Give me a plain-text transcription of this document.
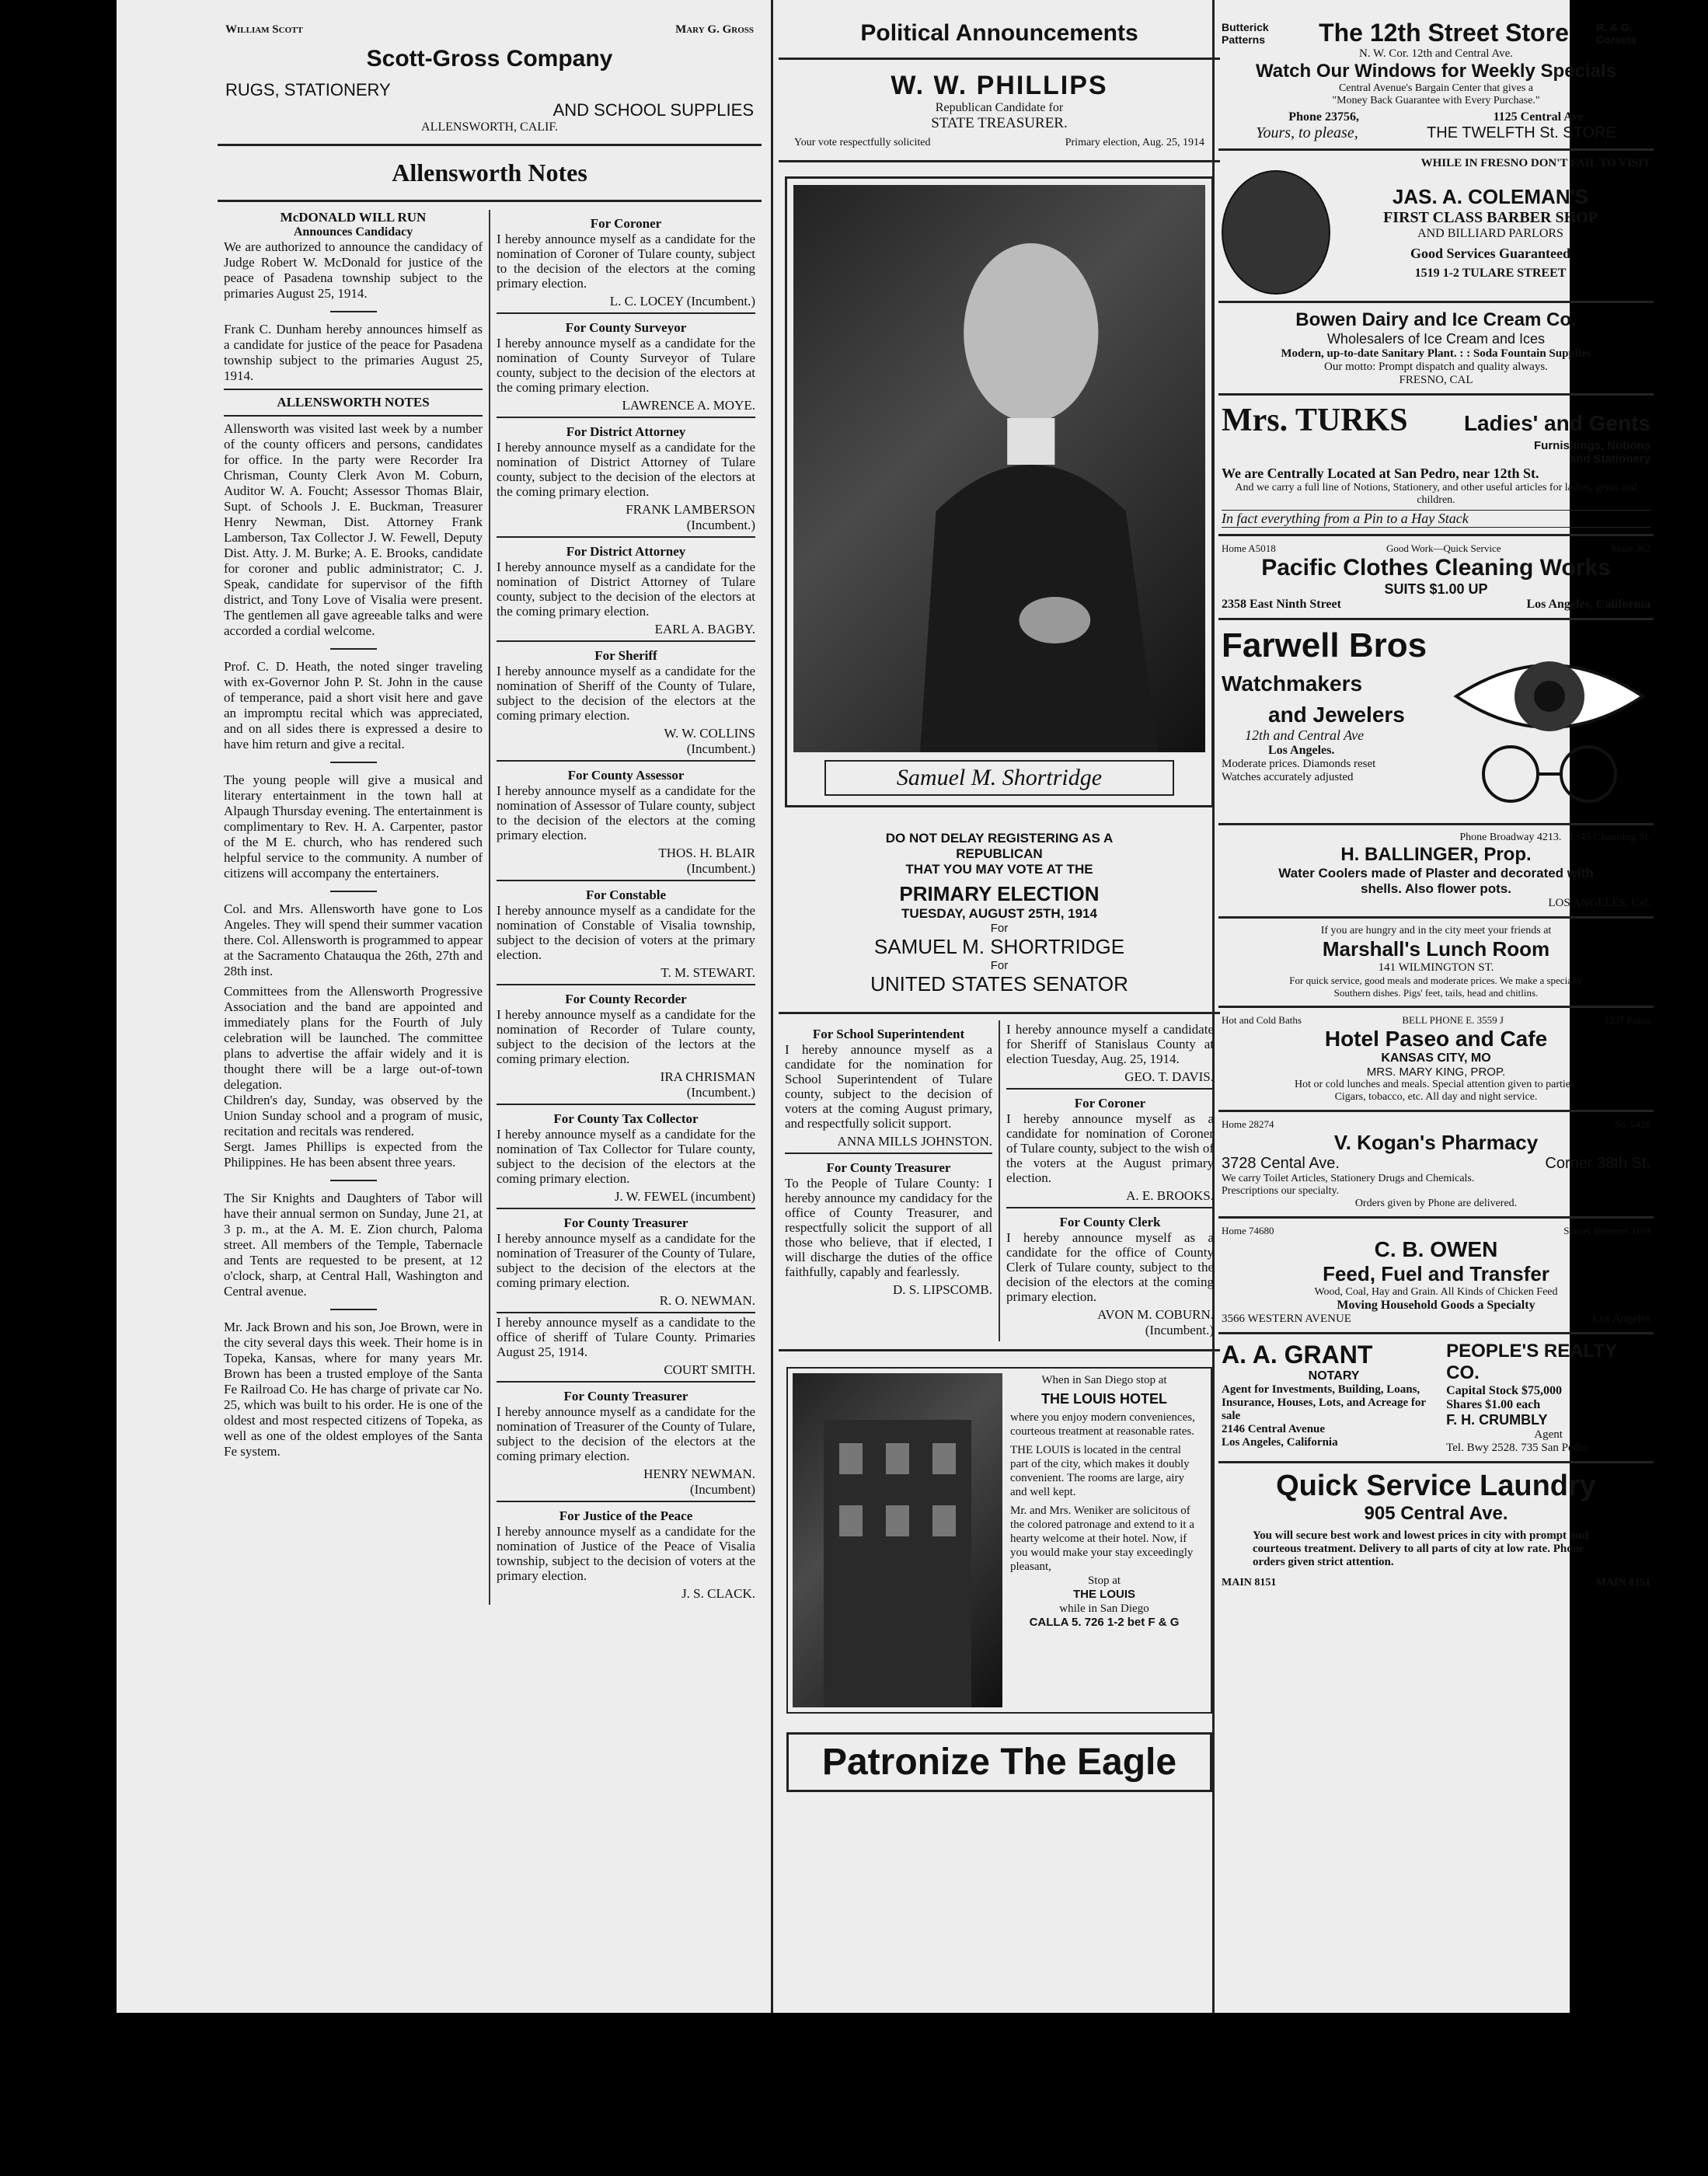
William Scott	Mary G. Gross
Scott-Gross Company
RUGS, STATIONERY
AND SCHOOL SUPPLIES
ALLENSWORTH, CALIF.
Allensworth Notes
McDONALD WILL RUN
Announces Candidacy
We are authorized to announce the candidacy of Judge Robert W. McDonald for justice of the peace of Pasadena township subject to the primaries August 25, 1914.
Frank C. Dunham hereby announces himself as a candidate for justice of the peace for Pasadena township subject to the primaries August 25, 1914.
ALLENSWORTH NOTES
Allensworth was visited last week by a number of the county officers and persons, candidates for office. In the party were Recorder Ira Chrisman, County Clerk Avon M. Coburn, Auditor W. A. Foucht; Assessor Thomas Blair, Supt. of Schools J. E. Buckman, Treasurer Henry Newman, Dist. Attorney Frank Lamberson, Tax Collector J. W. Fewell, Deputy Dist. Atty. J. M. Burke; A. E. Brooks, candidate for coroner and public administrator; C. J. Speak, candidate for supervisor of the fifth district, and Tony Love of Visalia were present. The gentlemen all gave agreeable talks and were accorded a cordial welcome.
Prof. C. D. Heath, the noted singer traveling with ex-Governor John P. St. John in the cause of temperance, paid a short visit here and gave an impromptu recital which was appreciated, and on all sides there is expressed a desire to have him return and give a recital.
The young people will give a musical and literary entertainment in the town hall at Alpaugh Thursday evening. The entertainment is complimentary to Rev. H. A. Carpenter, pastor of the M E. church, who has rendered such helpful service to the community. A number of citizens will accompany the entertainers.
Col. and Mrs. Allensworth have gone to Los Angeles. They will spend their summer vacation there. Col. Allensworth is programmed to appear at the Sacramento Chatauqua the 26th, 27th and 28th inst.
Committees from the Allensworth Progressive Association and the band are appointed and immediately plans for the Fourth of July celebration will be launched. The committee plans to advertise the affair widely and it is thought there will be a large out-of-town delegation.
Children's day, Sunday, was observed by the Union Sunday school and a program of music, recitation and recitals was rendered.
Sergt. James Phillips is expected from the Philippines. He has been absent three years.
The Sir Knights and Daughters of Tabor will have their annual sermon on Sunday, June 21, at 3 p. m., at the A. M. E. Zion church, Paloma street. All members of the Temple, Tabernacle and Tents are requested to be present, at 12 o'clock, sharp, at Central Hall, Washington and Central avenue.
Mr. Jack Brown and his son, Joe Brown, were in the city several days this week. Their home is in Topeka, Kansas, where for many years Mr. Brown has been a trusted employe of the Santa Fe Railroad Co. He has charge of private car No. 25, which was built to his order. He is one of the oldest and most respected citizens of Topeka, as well as one of the oldest employes of the Santa Fe system.
For Coroner
I hereby announce myself as a candidate for the nomination of Coroner of Tulare county, subject to the decision of the electors at the coming primary election.
L. C. LOCEY (Incumbent.)
For County Surveyor
I hereby announce myself as a candidate for the nomination of County Surveyor of Tulare county, subject to the decision of the electors at the coming primary election.
LAWRENCE A. MOYE.
For District Attorney
I hereby announce myself as a candidate for the nomination of District Attorney of Tulare county, subject to the decision of the electors at the coming primary election.
FRANK LAMBERSON
(Incumbent.)
For District Attorney
I hereby announce myself as a candidate for the nomination of District Attorney of Tulare county, subject to the decision of the electors at the coming primary election.
EARL A. BAGBY.
For Sheriff
I hereby announce myself as a candidate for the nomination of Sheriff of the County of Tulare, subject to the decision of the electors at the coming primary election.
W. W. COLLINS
(Incumbent.)
For County Assessor
I hereby announce myself as a candidate for the nomination of Assessor of Tulare county, subject to the decision of the electors at the coming primary election.
THOS. H. BLAIR
(Incumbent.)
For Constable
I hereby announce myself as a candidate for the nomination of Constable of Visalia township, subject to the decision of voters at the primary election.
T. M. STEWART.
For County Recorder
I hereby announce myself as a candidate for the nomination of Recorder of Tulare county, subject to the decision of the lectors at the coming primary election.
IRA CHRISMAN
(Incumbent.)
For County Tax Collector
I hereby announce myself as a candidate for the nomination of Tax Collector for Tulare county, subject to the decision of the electors at the coming primary election.
J. W. FEWEL (incumbent)
For County Treasurer
I hereby announce myself as a candidate for the nomination of Treasurer of the County of Tulare, subject to the decision of the electors at the coming primary election.
R. O. NEWMAN.
I hereby announce myself as a candidate to the office of sheriff of Tulare County. Primaries August 25, 1914.
COURT SMITH.
For County Treasurer
I hereby announce myself as a candidate for the nomination of Treasurer of the County of Tulare, subject to the decision of the electors at the coming primary election.
HENRY NEWMAN.
(Incumbent)
For Justice of the Peace
I hereby announce myself as a candidate for the nomination of Justice of the Peace of Visalia township, subject to the decision of voters at the primary election.
J. S. CLACK.
Political Announcements
W. W. PHILLIPS
Republican Candidate for
STATE TREASURER.
Your vote respectfully solicited	Primary election, Aug. 25, 1914
Samuel M. Shortridge
DO NOT DELAY REGISTERING AS A
REPUBLICAN
THAT YOU MAY VOTE AT THE
PRIMARY ELECTION
TUESDAY, AUGUST 25TH, 1914
For
SAMUEL M. SHORTRIDGE
For
UNITED STATES SENATOR
For School Superintendent
I hereby announce myself as a candidate for the nomination for School Superintendent of Tulare county, subject to the decision of voters at the coming August primary, and respectfully solicit support.
ANNA MILLS JOHNSTON.
For County Treasurer
To the People of Tulare County: I hereby announce my candidacy for the office of County Treasurer, and respectfully solicit the support of all those who believe, that if elected, I will discharge the duties of the office faithfully, capably and fearlessly.
D. S. LIPSCOMB.
I hereby announce myself a candidate for Sheriff of Stanislaus County at election Tuesday, Aug. 25, 1914.
GEO. T. DAVIS.
For Coroner
I hereby announce myself as a candidate for nomination of Coroner of Tulare county, subject to the wish of the voters at the August primary election.
A. E. BROOKS.
For County Clerk
I hereby announce myself as a candidate for the office of County Clerk of Tulare county, subject to the decision of the electors at the coming primary election.
AVON M. COBURN.
(Incumbent.)
When in San Diego stop at
THE LOUIS HOTEL
where you enjoy modern conveniences, courteous treatment at reasonable rates.
THE LOUIS is located in the central part of the city, which makes it doubly convenient. The rooms are large, airy and well kept.
Mr. and Mrs. Weniker are solicitous of the colored patronage and extend to it a hearty welcome at their hotel. Now, if you would make your stay exceedingly pleasant,
Stop at
THE LOUIS
while in San Diego
CALLA 5. 726 1-2 bet F & G
Patronize The Eagle
Butterick Patterns	The 12th Street Store	R. & G. Corsets
N. W. Cor. 12th and Central Ave.
Watch Our Windows for Weekly Specials
Central Avenue's Bargain Center that gives a
"Money Back Guarantee with Every Purchase."
Phone 23756,	1125 Central Ave
Yours, to please,	THE TWELFTH St. STORE
WHILE IN FRESNO DON'T FAIL TO VISIT
JAS. A. COLEMAN'S
FIRST CLASS BARBER SHOP
AND BILLIARD PARLORS
Good Services Guaranteed
1519 1-2 TULARE STREET
Bowen Dairy and Ice Cream Co.
Wholesalers of Ice Cream and Ices
Modern, up-to-date Sanitary Plant. : : Soda Fountain Supplies
Our motto: Prompt dispatch and quality always.
FRESNO, CAL
Mrs. TURKS	Ladies' and Gents
Furnishings, Notions
and Stationery
We are Centrally Located at San Pedro, near 12th St.
And we carry a full line of Notions, Stationery, and other useful articles for ladies, gents and children.
In fact everything from a Pin to a Hay Stack
Home A5018	Good Work—Quick Service	Main 362
Pacific Clothes Cleaning Works
SUITS $1.00 UP
2358 East Ninth Street	Los Angeles, California
Farwell Bros
Watchmakers
and Jewelers
12th and Central Ave
Los Angeles.
Moderate prices. Diamonds reset
Watches accurately adjusted
Phone Broadway 4213. 1345 Channing St.
H. BALLINGER, Prop.
Water Coolers made of Plaster and decorated with
shells. Also flower pots.
LOS ANGELES, Cal.
If you are hungry and in the city meet your friends at
Marshall's Lunch Room
141 WILMINGTON ST.
For quick service, good meals and moderate prices. We make a specialty
Southern dishes. Pigs' feet, tails, head and chitlins.
Hot and Cold Baths	BELL PHONE E. 3559 J	1237 Paseo
Hotel Paseo and Cafe
KANSAS CITY, MO
MRS. MARY KING, PROP.
Hot or cold lunches and meals. Special attention given to parties.
Cigars, tobacco, etc. All day and night service.
Home 28274	So. 5428
V. Kogan's Pharmacy
3728 Cental Ave.	Corner 38th St.
We carry Toilet Articles, Stationery Drugs and Chemicals.
Prescriptions our specialty.
Orders given by Phone are delivered.
Home 74680	Sunset Vermont 3169
C. B. OWEN
Feed, Fuel and Transfer
Wood, Coal, Hay and Grain. All Kinds of Chicken Feed
Moving Household Goods a Specialty
3566 WESTERN AVENUE	Los Angeles
A. A. GRANT
NOTARY
Agent for Investments, Building, Loans, Insurance, Houses, Lots, and Acreage for sale
2146 Central Avenue
Los Angeles, California
PEOPLE'S REALTY CO.
Capital Stock $75,000
Shares $1.00 each
F. H. CRUMBLY
Agent
Tel. Bwy 2528. 735 San Pedro
Quick Service Laundry
905 Central Ave.
You will secure best work and lowest prices in city with prompt and courteous treatment. Delivery to all parts of city at low rate. Phone orders given strict attention.
MAIN 8151	MAIN 8151
